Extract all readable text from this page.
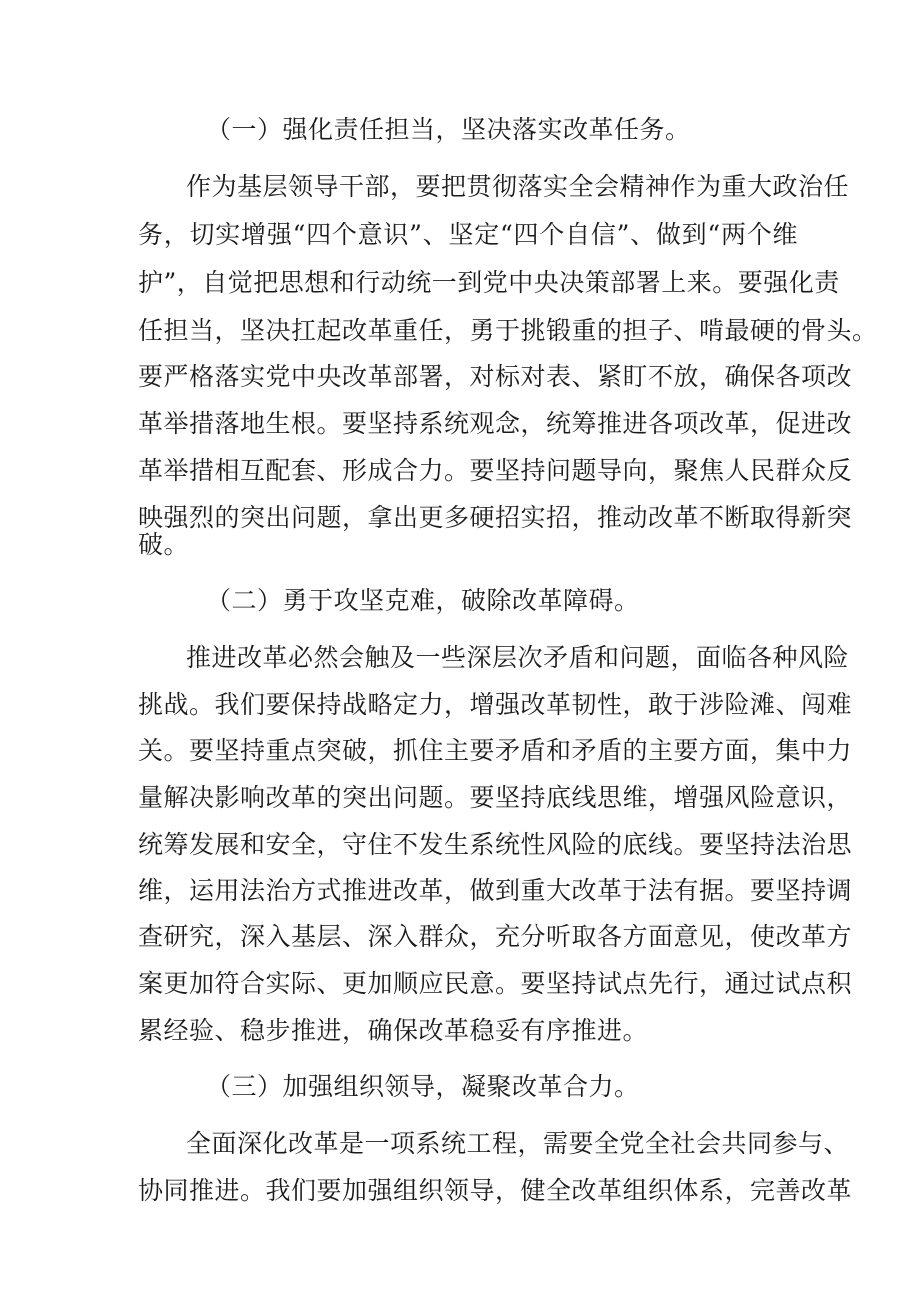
（一）强化责任担当，坚决落实改革任务。
作为基层领导干部，要把贯彻落实全会精神作为重大政治任
务，切实增强“四个意识”、坚定“四个自信”、做到“两个维
护”，自觉把思想和行动统一到党中央决策部署上来。要强化责
任担当，坚决扛起改革重任，勇于挑锻重的担子、啃最硬的骨头。
要严格落实党中央改革部署，对标对表、紧盯不放，确保各项改
革举措落地生根。要坚持系统观念，统筹推进各项改革，促进改
革举措相互配套、形成合力。要坚持问题导向，聚焦人民群众反
映强烈的突出问题，拿出更多硬招实招，推动改革不断取得新突
破。
（二）勇于攻坚克难，破除改革障碍。
推进改革必然会触及一些深层次矛盾和问题，面临各种风险
挑战。我们要保持战略定力，增强改革韧性，敢于涉险滩、闯难
关。要坚持重点突破，抓住主要矛盾和矛盾的主要方面，集中力
量解决影响改革的突出问题。要坚持底线思维，增强风险意识，
统筹发展和安全，守住不发生系统性风险的底线。要坚持法治思
维，运用法治方式推进改革，做到重大改革于法有据。要坚持调
查研究，深入基层、深入群众，充分听取各方面意见，使改革方
案更加符合实际、更加顺应民意。要坚持试点先行，通过试点积
累经验、稳步推进，确保改革稳妥有序推进。
（三）加强组织领导，凝聚改革合力。
全面深化改革是一项系统工程，需要全党全社会共同参与、
协同推进。我们要加强组织领导，健全改革组织体系，完善改革
